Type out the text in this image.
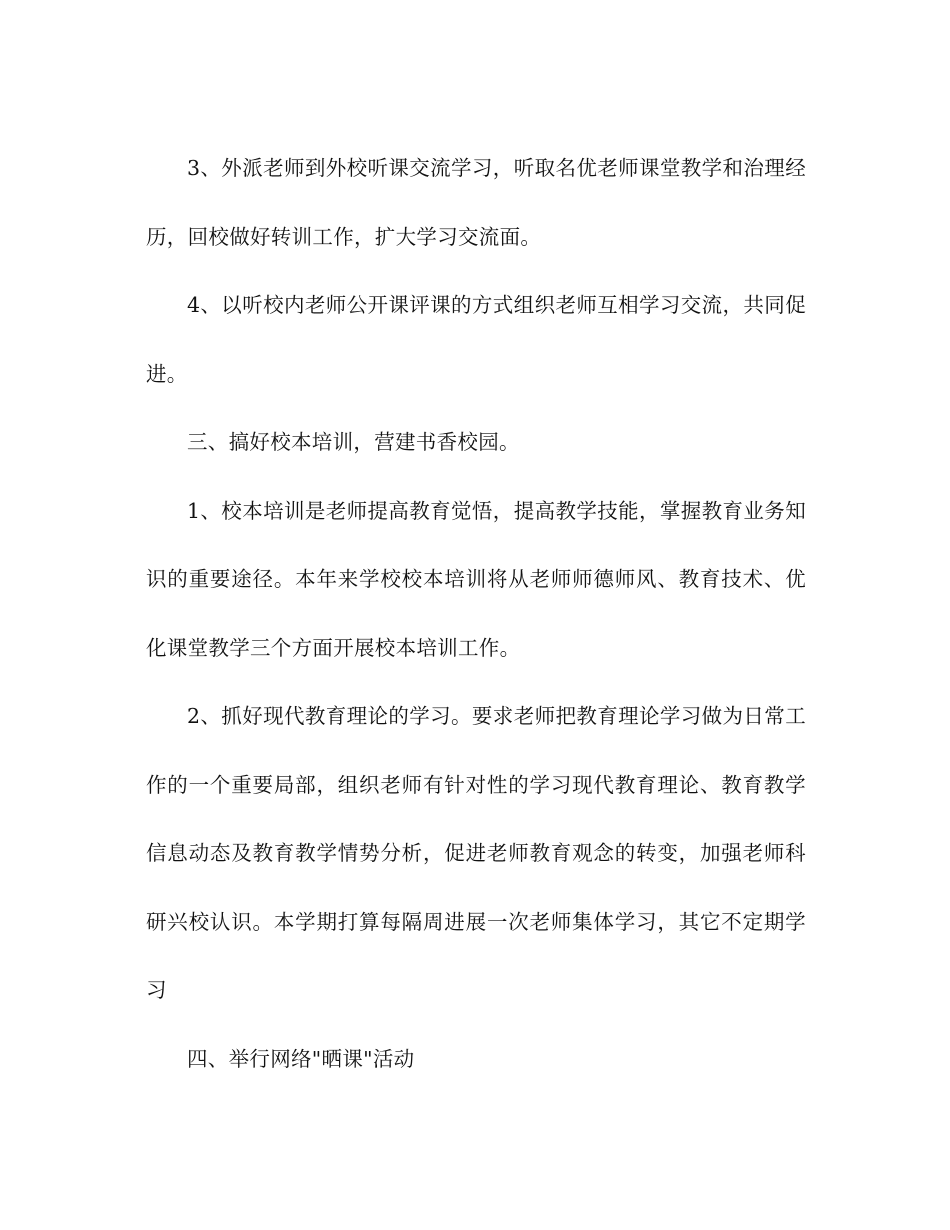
3、外派老师到外校听课交流学习，听取名优老师课堂教学和治理经历，回校做好转训工作，扩大学习交流面。

4、以听校内老师公开课评课的方式组织老师互相学习交流，共同促进。

三、搞好校本培训，营建书香校园。

1、校本培训是老师提高教育觉悟，提高教学技能，掌握教育业务知识的重要途径。本年来学校校本培训将从老师师德师风、教育技术、优化课堂教学三个方面开展校本培训工作。

2、抓好现代教育理论的学习。要求老师把教育理论学习做为日常工作的一个重要局部，组织老师有针对性的学习现代教育理论、教育教学信息动态及教育教学情势分析，促进老师教育观念的转变，加强老师科研兴校认识。本学期打算每隔周进展一次老师集体学习，其它不定期学习

四、举行网络"晒课"活动
